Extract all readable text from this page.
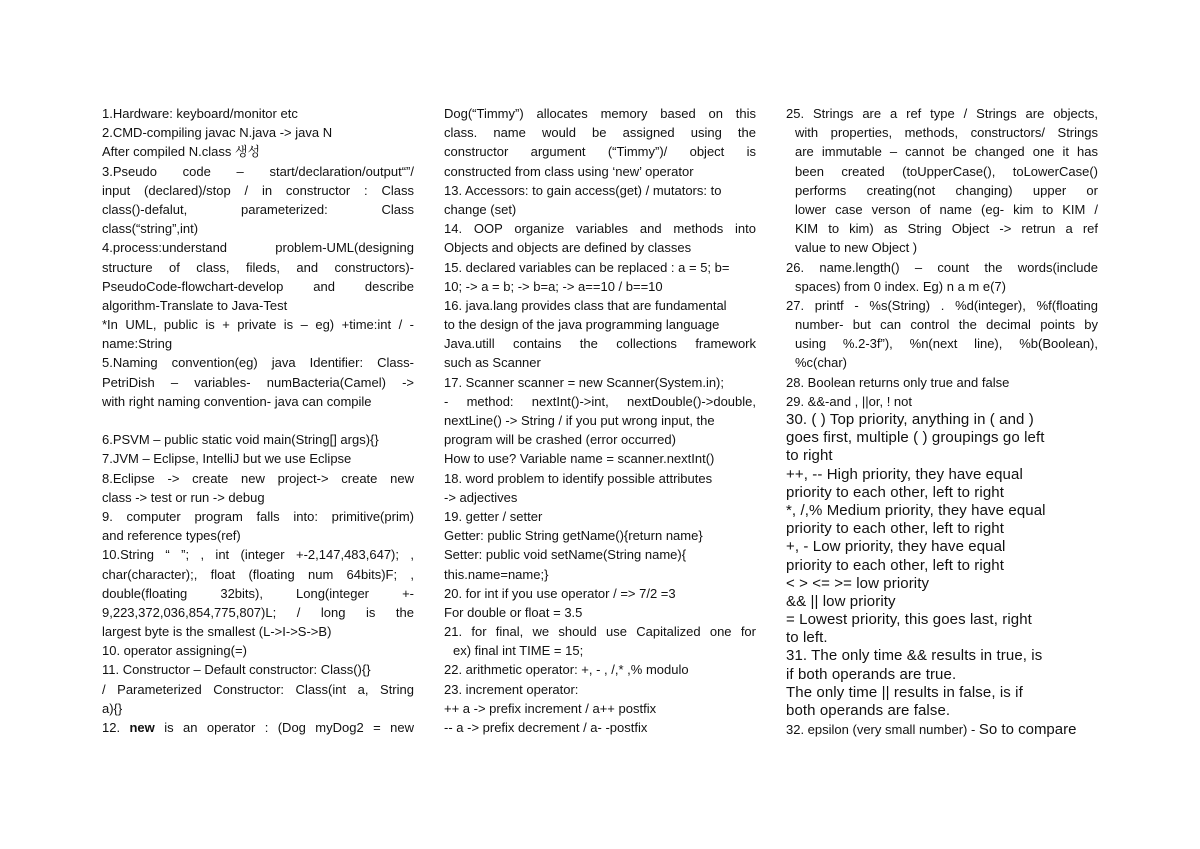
1.Hardware: keyboard/monitor etc
2.CMD-compiling javac N.java -> java N
After compiled N.class 생성
3.Pseudo code – start/declaration/output“”/
input (declared)/stop / in constructor : Class
class()-defalut, parameterized: Class
class(“string”,int)
4.process:understand problem-UML(designing
structure of class, fileds, and constructors)-
PseudoCode-flowchart-develop and describe
algorithm-Translate to Java-Test
*In UML, public is + private is – eg) +time:int / -
name:String
5.Naming convention(eg) java Identifier: Class-
PetriDish – variables- numBacteria(Camel) ->
with right naming convention- java can compile
6.PSVM – public static void main(String[] args){}
7.JVM – Eclipse, IntelliJ but we use Eclipse
8.Eclipse -> create new project-> create new
class -> test or run -> debug
9. computer program falls into: primitive(prim)
and reference types(ref)
10.String “ ”; , int (integer +-2,147,483,647); ,
char(character);, float (floating num 64bits)F; ,
double(floating 32bits), Long(integer +-
9,223,372,036,854,775,807)L; / long is the
largest byte is the smallest (L->I->S->B)
10. operator assigning(=)
11. Constructor – Default constructor: Class(){}
/ Parameterized Constructor: Class(int a, String
a){}
12. new is an operator : (Dog myDog2 = new
Dog(“Timmy”) allocates memory based on this
class. name would be assigned using the
constructor argument (“Timmy”)/ object is
constructed from class using ‘new’ operator
13. Accessors: to gain access(get) / mutators: to
change (set)
14. OOP organize variables and methods into
Objects and objects are defined by classes
15. declared variables can be replaced : a = 5; b=
10; -> a = b; -> b=a; -> a==10 / b==10
16. java.lang provides class that are fundamental
to the design of the java programming language
Java.utill contains the collections framework
such as Scanner
17. Scanner scanner = new Scanner(System.in);
- method: nextInt()->int, nextDouble()->double,
nextLine() -> String / if you put wrong input, the
program will be crashed (error occurred)
How to use? Variable name = scanner.nextInt()
18. word problem to identify possible attributes
-> adjectives
19. getter / setter
Getter: public String getName(){return name}
Setter: public void setName(String name){
this.name=name;}
20. for int if you use operator / => 7/2 =3
For double or float = 3.5
21. for final, we should use Capitalized one for
ex) final int TIME = 15;
22. arithmetic operator: +, - , /,* ,% modulo
23. increment operator:
++ a -> prefix increment / a++ postfix
-- a -> prefix decrement / a- -postfix
25. Strings are a ref type / Strings are objects,
with properties, methods, constructors/ Strings
are immutable – cannot be changed one it has
been created (toUpperCase(), toLowerCase()
performs creating(not changing) upper or
lower case verson of name (eg- kim to KIM /
KIM to kim) as String Object -> retrun a ref
value to new Object )
26. name.length() – count the words(include
spaces) from 0 index. Eg) n a m e(7)
27. printf - %s(String) . %d(integer), %f(floating
number- but can control the decimal points by
using %.2-3f”), %n(next line), %b(Boolean),
%c(char)
28. Boolean returns only true and false
29. &&-and , ||or, ! not
30. ( ) Top priority, anything in ( and )
goes first, multiple ( ) groupings go left
to right
++, -- High priority, they have equal
priority to each other, left to right
*, /,% Medium priority, they have equal
priority to each other, left to right
+, - Low priority, they have equal
priority to each other, left to right
< > <= >= low priority
&& || low priority
= Lowest priority, this goes last, right
to left.
31. The only time && results in true, is
if both operands are true.
The only time || results in false, is if
both operands are false.
32. epsilon (very small number) - So to compare
